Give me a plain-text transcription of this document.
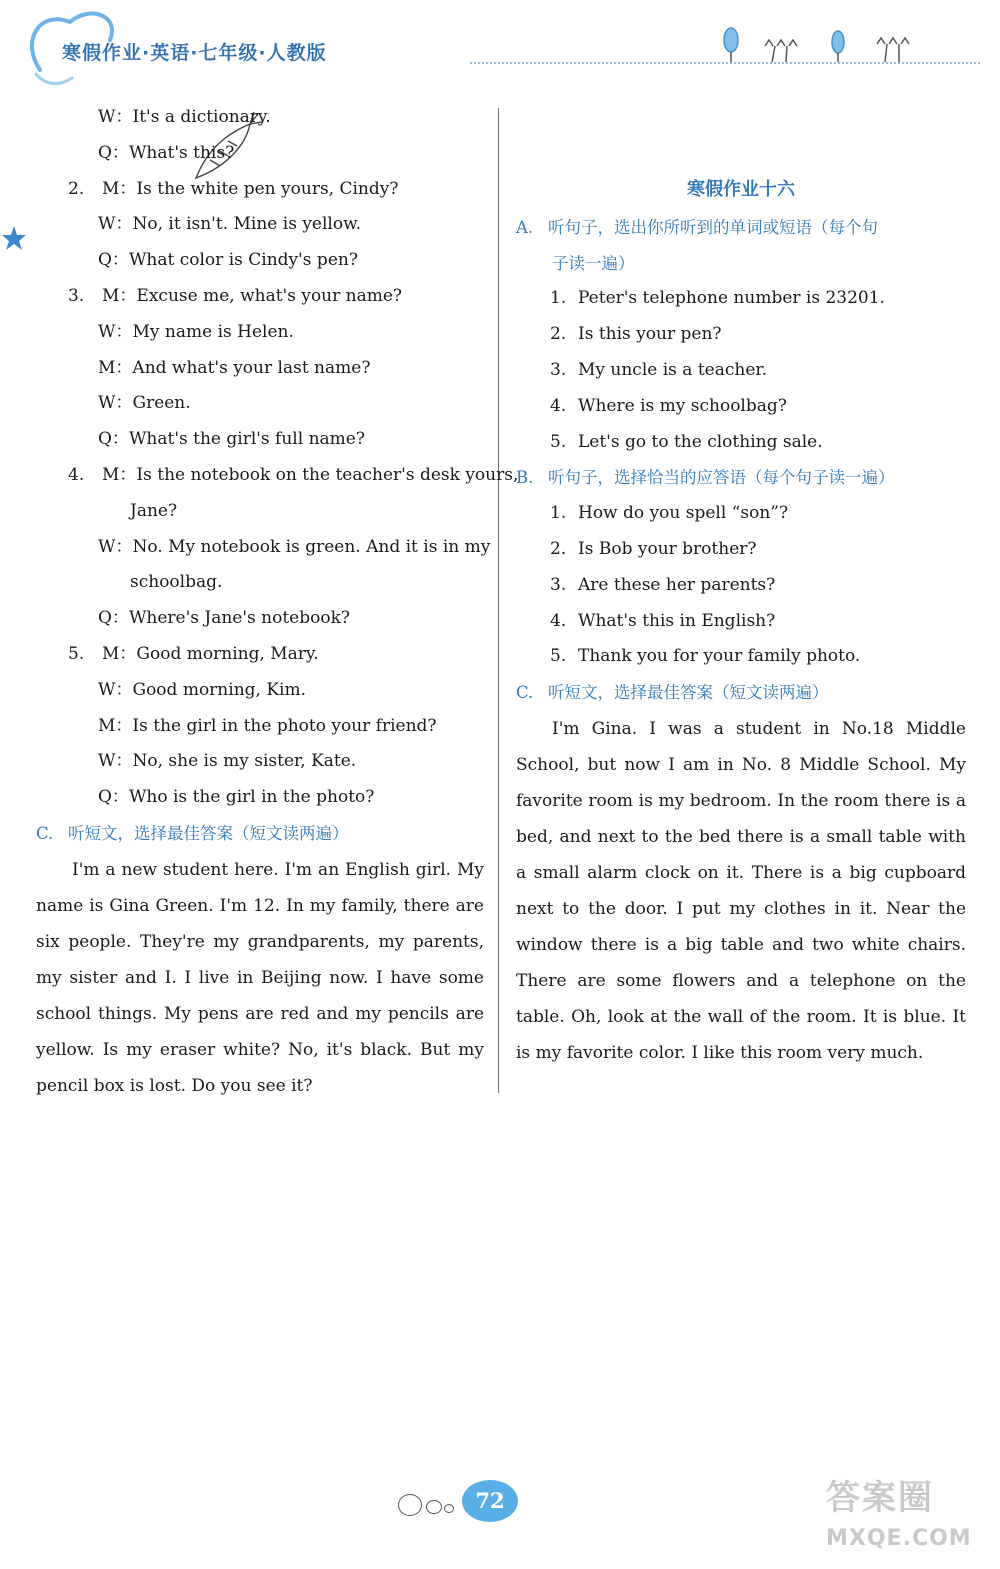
寒假作业·英语·七年级·人教版
W：It's a dictionary.
Q：What's this?
2. M：Is the white pen yours, Cindy?
W：No, it isn't. Mine is yellow.
Q：What color is Cindy's pen?
3. M：Excuse me, what's your name?
W：My name is Helen.
M：And what's your last name?
W：Green.
Q：What's the girl's full name?
4. M：Is the notebook on the teacher's desk yours,
Jane?
W：No. My notebook is green. And it is in my
schoolbag.
Q：Where's Jane's notebook?
5. M：Good morning, Mary.
W：Good morning, Kim.
M：Is the girl in the photo your friend?
W：No, she is my sister, Kate.
Q：Who is the girl in the photo?
C. 听短文，选择最佳答案（短文读两遍）
I'm a new student here. I'm an English girl. My name is Gina Green. I'm 12. In my family, there are six people. They're my grandparents, my parents, my sister and I. I live in Beijing now. I have some school things. My pens are red and my pencils are yellow. Is my eraser white? No, it's black. But my pencil box is lost. Do you see it?
寒假作业十六
A. 听句子，选出你所听到的单词或短语（每个句
子读一遍）
1. Peter's telephone number is 23201.
2. Is this your pen?
3. My uncle is a teacher.
4. Where is my schoolbag?
5. Let's go to the clothing sale.
B. 听句子，选择恰当的应答语（每个句子读一遍）
1. How do you spell “son”?
2. Is Bob your brother?
3. Are these her parents?
4. What's this in English?
5. Thank you for your family photo.
C. 听短文，选择最佳答案（短文读两遍）
I'm Gina. I was a student in No.18 Middle School, but now I am in No. 8 Middle School. My favorite room is my bedroom. In the room there is a bed, and next to the bed there is a small table with a small alarm clock on it. There is a big cupboard next to the door. I put my clothes in it. Near the window there is a big table and two white chairs. There are some flowers and a telephone on the table. Oh, look at the wall of the room. It is blue. It is my favorite color. I like this room very much.
72	答案圈
MXQE.COM
